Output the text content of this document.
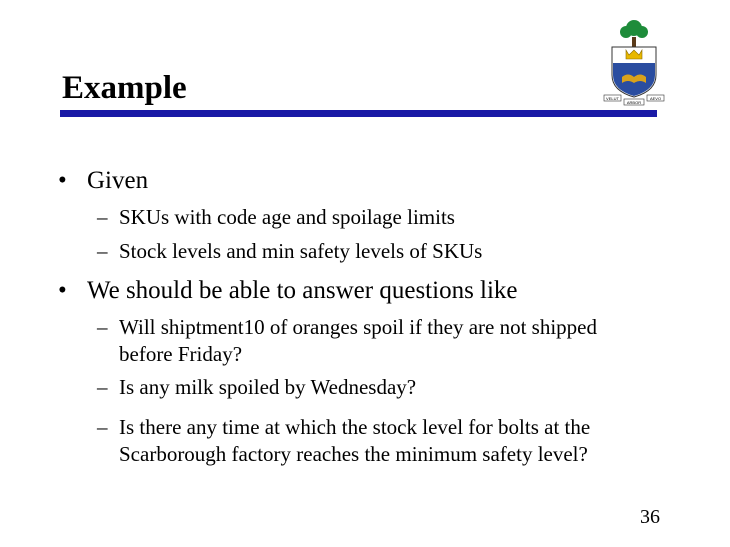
Example	VELUT	AEVO
ARBOR
• Given
– SKUs with code age and spoilage limits
– Stock levels and min safety levels of SKUs
• We should be able to answer questions like
– Will shiptment10 of oranges spoil if they are not shipped before Friday?
– Is any milk spoiled by Wednesday?
– Is there any time at which the stock level for bolts at the Scarborough factory reaches the minimum safety level?
36
